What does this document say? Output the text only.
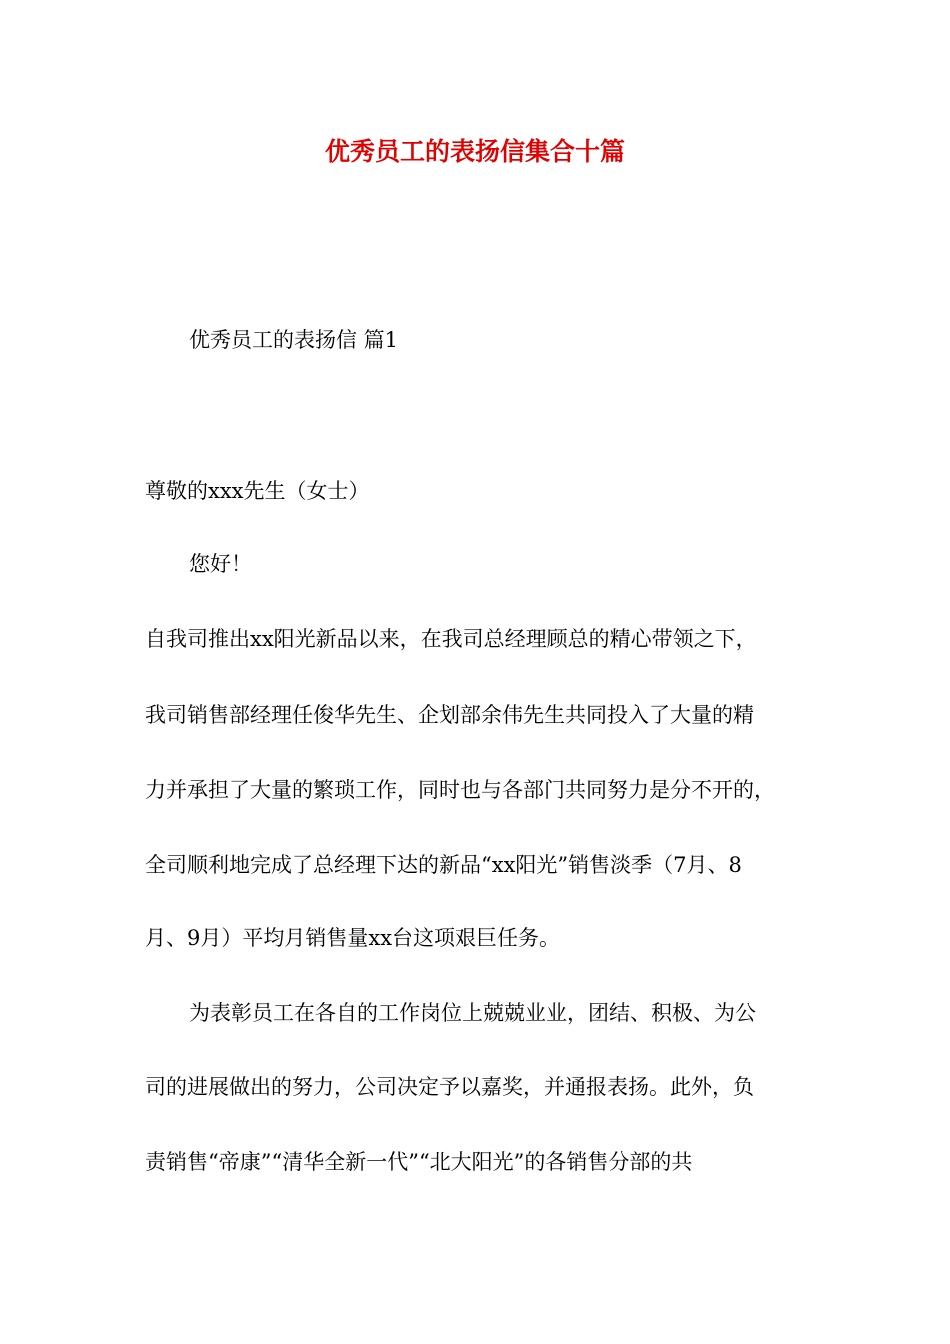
优秀员工的表扬信集合十篇
优秀员工的表扬信 篇1
尊敬的xxx先生（女士）
您好！
自我司推出xx阳光新品以来，在我司总经理顾总的精心带领之下，
我司销售部经理任俊华先生、企划部余伟先生共同投入了大量的精
力并承担了大量的繁琐工作，同时也与各部门共同努力是分不开的，
全司顺利地完成了总经理下达的新品“xx阳光”销售淡季（7月、8
月、9月）平均月销售量xx台这项艰巨任务。
为表彰员工在各自的工作岗位上兢兢业业，团结、积极、为公
司的进展做出的努力，公司决定予以嘉奖，并通报表扬。此外，负
责销售“帝康”“清华全新一代”“北大阳光”的各销售分部的共
